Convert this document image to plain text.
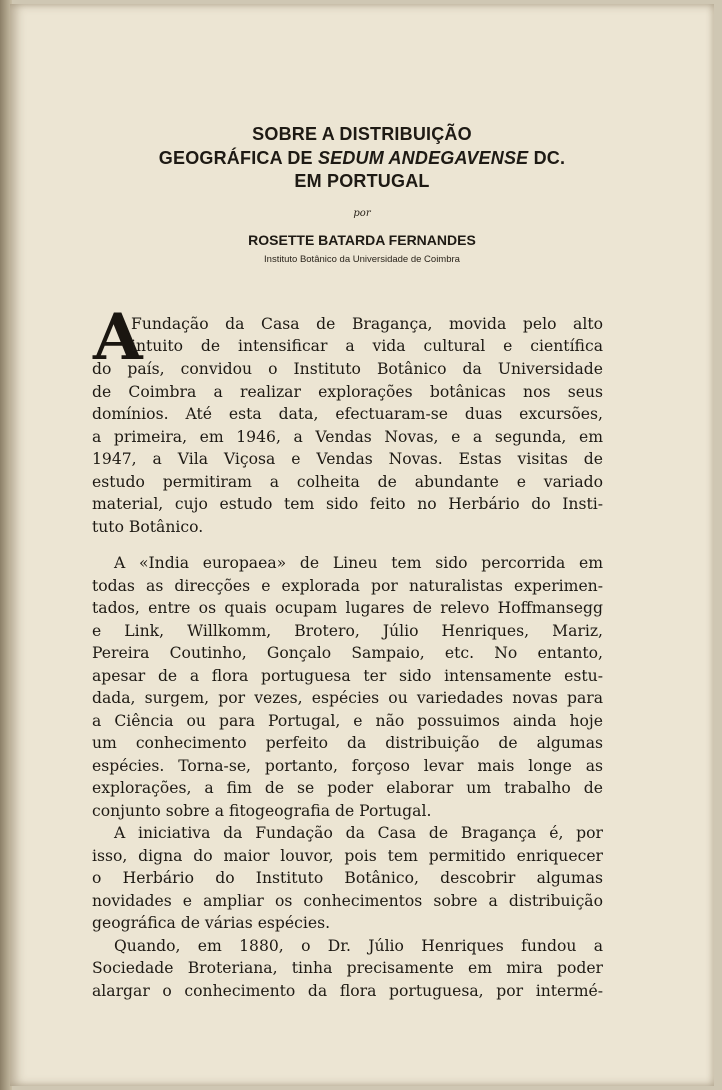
SOBRE A DISTRIBUIÇÃO
GEOGRÁFICA DE SEDUM ANDEGAVENSE DC.
EM PORTUGAL
por
ROSETTE BATARDA FERNANDES
Instituto Botânico da Universidade de Coimbra
A
Fundação da Casa de Bragança, movida pelo alto
intuito de intensificar a vida cultural e científica
do país, convidou o Instituto Botânico da Universidade
de Coimbra a realizar explorações botânicas nos seus
domínios. Até esta data, efectuaram-se duas excursões,
a primeira, em 1946, a Vendas Novas, e a segunda, em
1947, a Vila Viçosa e Vendas Novas. Estas visitas de
estudo permitiram a colheita de abundante e variado
material, cujo estudo tem sido feito no Herbário do Insti-
tuto Botânico.
A «India europaea» de Lineu tem sido percorrida em
todas as direcções e explorada por naturalistas experimen-
tados, entre os quais ocupam lugares de relevo Hoffmansegg
e Link, Willkomm, Brotero, Júlio Henriques, Mariz,
Pereira Coutinho, Gonçalo Sampaio, etc. No entanto,
apesar de a flora portuguesa ter sido intensamente estu-
dada, surgem, por vezes, espécies ou variedades novas para
a Ciência ou para Portugal, e não possuimos ainda hoje
um conhecimento perfeito da distribuição de algumas
espécies. Torna-se, portanto, forçoso levar mais longe as
explorações, a fim de se poder elaborar um trabalho de
conjunto sobre a fitogeografia de Portugal.
A iniciativa da Fundação da Casa de Bragança é, por
isso, digna do maior louvor, pois tem permitido enriquecer
o Herbário do Instituto Botânico, descobrir algumas
novidades e ampliar os conhecimentos sobre a distribuição
geográfica de várias espécies.
Quando, em 1880, o Dr. Júlio Henriques fundou a
Sociedade Broteriana, tinha precisamente em mira poder
alargar o conhecimento da flora portuguesa, por intermé-
